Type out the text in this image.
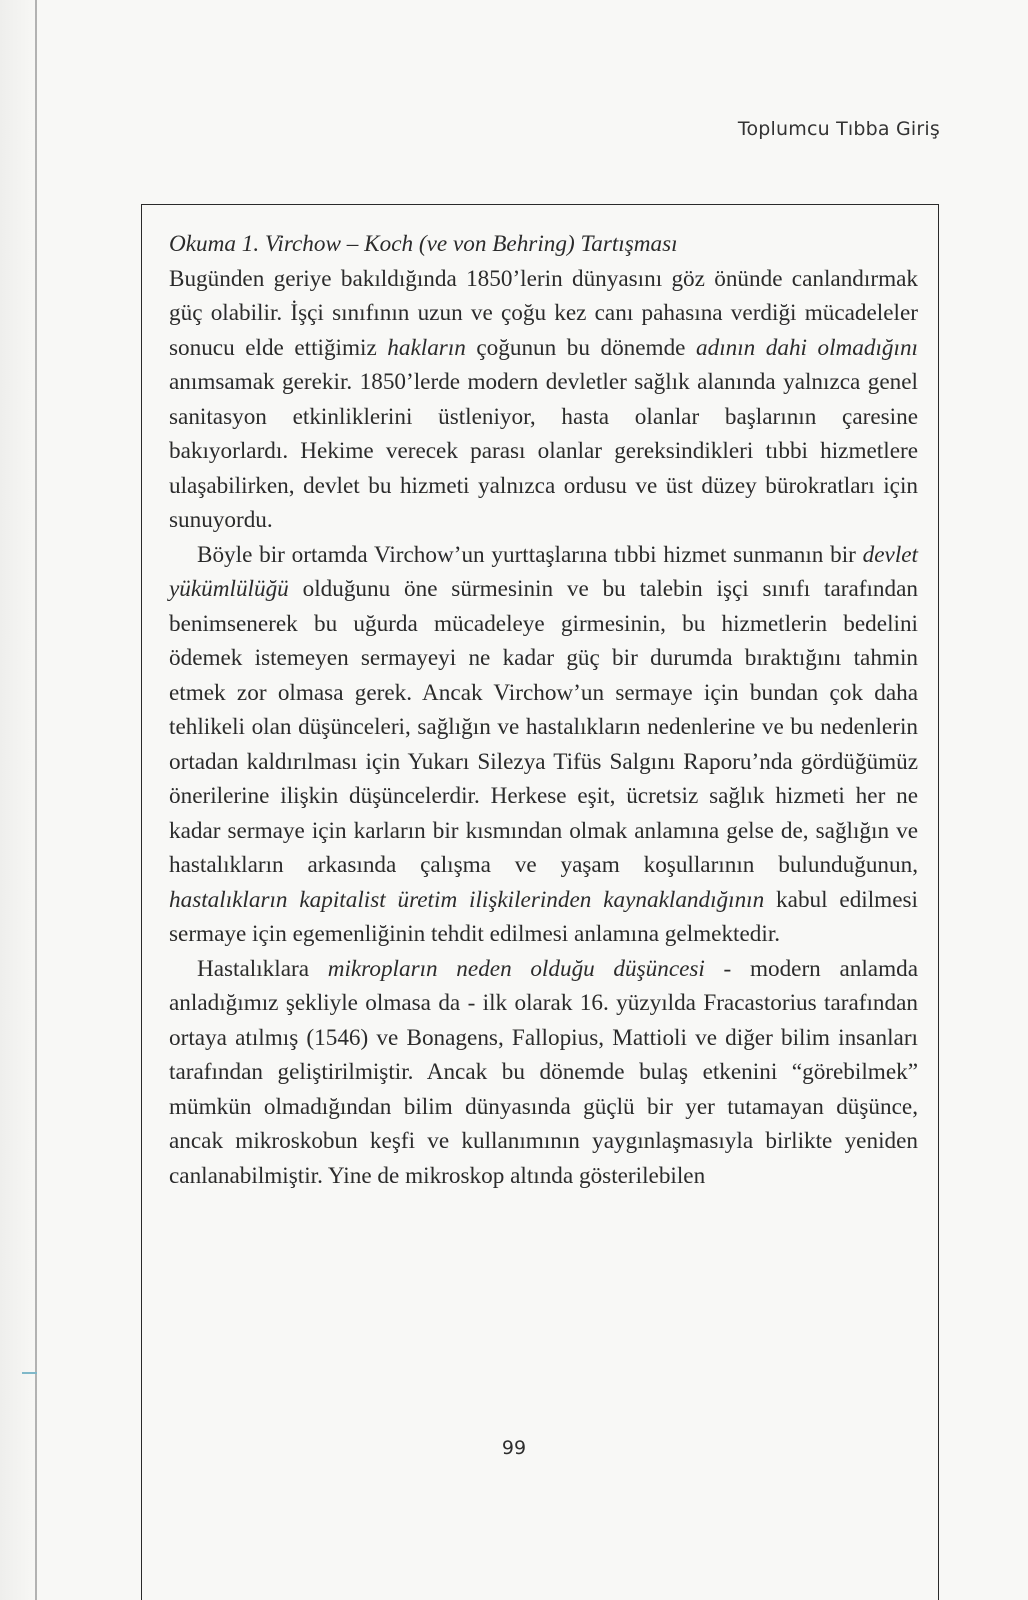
Toplumcu Tıbba Giriş

Okuma 1. Virchow – Koch (ve von Behring) Tartışması

Bugünden geriye bakıldığında 1850’lerin dünyasını göz önünde canlandırmak güç olabilir. İşçi sınıfının uzun ve çoğu kez canı pahasına verdiği mücadeleler sonucu elde ettiğimiz hakların çoğunun bu dönemde adının dahi olmadığını anımsamak gerekir. 1850’lerde modern devletler sağlık alanında yalnızca genel sanitasyon etkinliklerini üstleniyor, hasta olanlar başlarının çaresine bakıyorlardı. Hekime verecek parası olanlar gereksindikleri tıbbi hizmetlere ulaşabilirken, devlet bu hizmeti yalnızca ordusu ve üst düzey bürokratları için sunuyordu.

Böyle bir ortamda Virchow’un yurttaşlarına tıbbi hizmet sunmanın bir devlet yükümlülüğü olduğunu öne sürmesinin ve bu talebin işçi sınıfı tarafından benimsenerek bu uğurda mücadeleye girmesinin, bu hizmetlerin bedelini ödemek istemeyen sermayeyi ne kadar güç bir durumda bıraktığını tahmin etmek zor olmasa gerek. Ancak Virchow’un sermaye için bundan çok daha tehlikeli olan düşünceleri, sağlığın ve hastalıkların nedenlerine ve bu nedenlerin ortadan kaldırılması için Yukarı Silezya Tifüs Salgını Raporu’nda gördüğümüz önerilerine ilişkin düşüncelerdir. Herkese eşit, ücretsiz sağlık hizmeti her ne kadar sermaye için karların bir kısmından olmak anlamına gelse de, sağlığın ve hastalıkların arkasında çalışma ve yaşam koşullarının bulunduğunun, hastalıkların kapitalist üretim ilişkilerinden kaynaklandığının kabul edilmesi sermaye için egemenliğinin tehdit edilmesi anlamına gelmektedir.

Hastalıklara mikropların neden olduğu düşüncesi - modern anlamda anladığımız şekliyle olmasa da - ilk olarak 16. yüzyılda Fracastorius tarafından ortaya atılmış (1546) ve Bonagens, Fallopius, Mattioli ve diğer bilim insanları tarafından geliştirilmiştir. Ancak bu dönemde bulaş etkenini “görebilmek” mümkün olmadığından bilim dünyasında güçlü bir yer tutamayan düşünce, ancak mikroskobun keşfi ve kullanımının yaygınlaşmasıyla birlikte yeniden canlanabilmiştir. Yine de mikroskop altında gösterilebilen

99
